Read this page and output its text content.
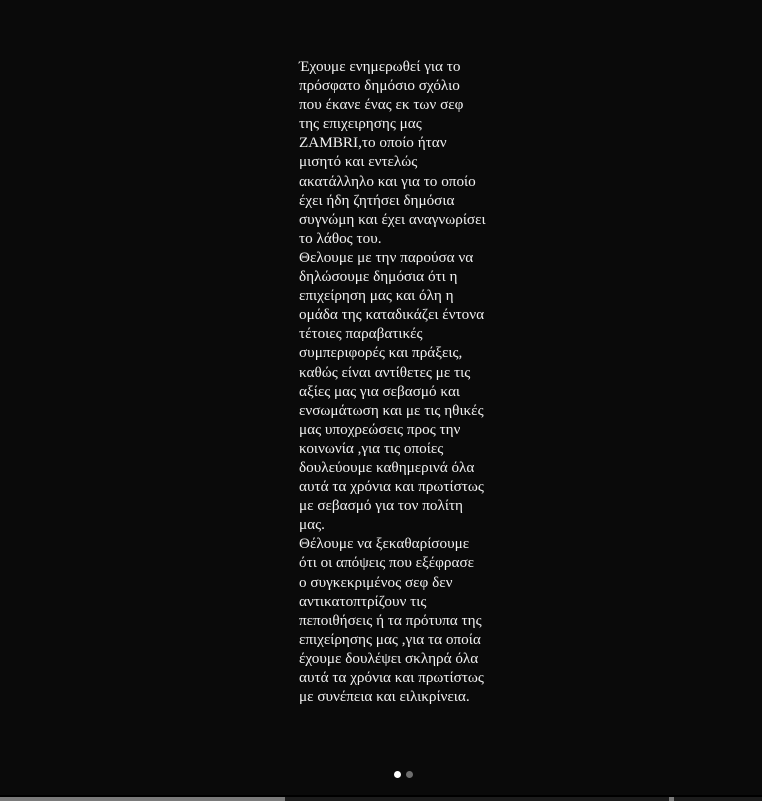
Έχουμε ενημερωθεί για το
πρόσφατο δημόσιο σχόλιο
που έκανε ένας εκ των σεφ
της επιχειρησης μας
ZAMBRI,το οποίο ήταν
μισητό και εντελώς
ακατάλληλο και για το οποίο
έχει ήδη ζητήσει δημόσια
συγνώμη και έχει αναγνωρίσει
το λάθος του.
Θελουμε με την παρούσα να
δηλώσουμε δημόσια ότι η
επιχείρηση μας και όλη η
ομάδα της καταδικάζει έντονα
τέτοιες παραβατικές
συμπεριφορές και πράξεις,
καθώς είναι αντίθετες με τις
αξίες μας για σεβασμό και
ενσωμάτωση και με τις ηθικές
μας υποχρεώσεις προς την
κοινωνία ,για τις οποίες
δουλεύουμε καθημερινά όλα
αυτά τα χρόνια και πρωτίστως
με σεβασμό για τον πολίτη
μας.
Θέλουμε να ξεκαθαρίσουμε
ότι οι απόψεις που εξέφρασε
ο συγκεκριμένος σεφ δεν
αντικατοπτρίζουν τις
πεποιθήσεις ή τα πρότυπα της
επιχείρησης μας ,για τα οποία
έχουμε δουλέψει σκληρά όλα
αυτά τα χρόνια και πρωτίστως
με συνέπεια και ειλικρίνεια.
